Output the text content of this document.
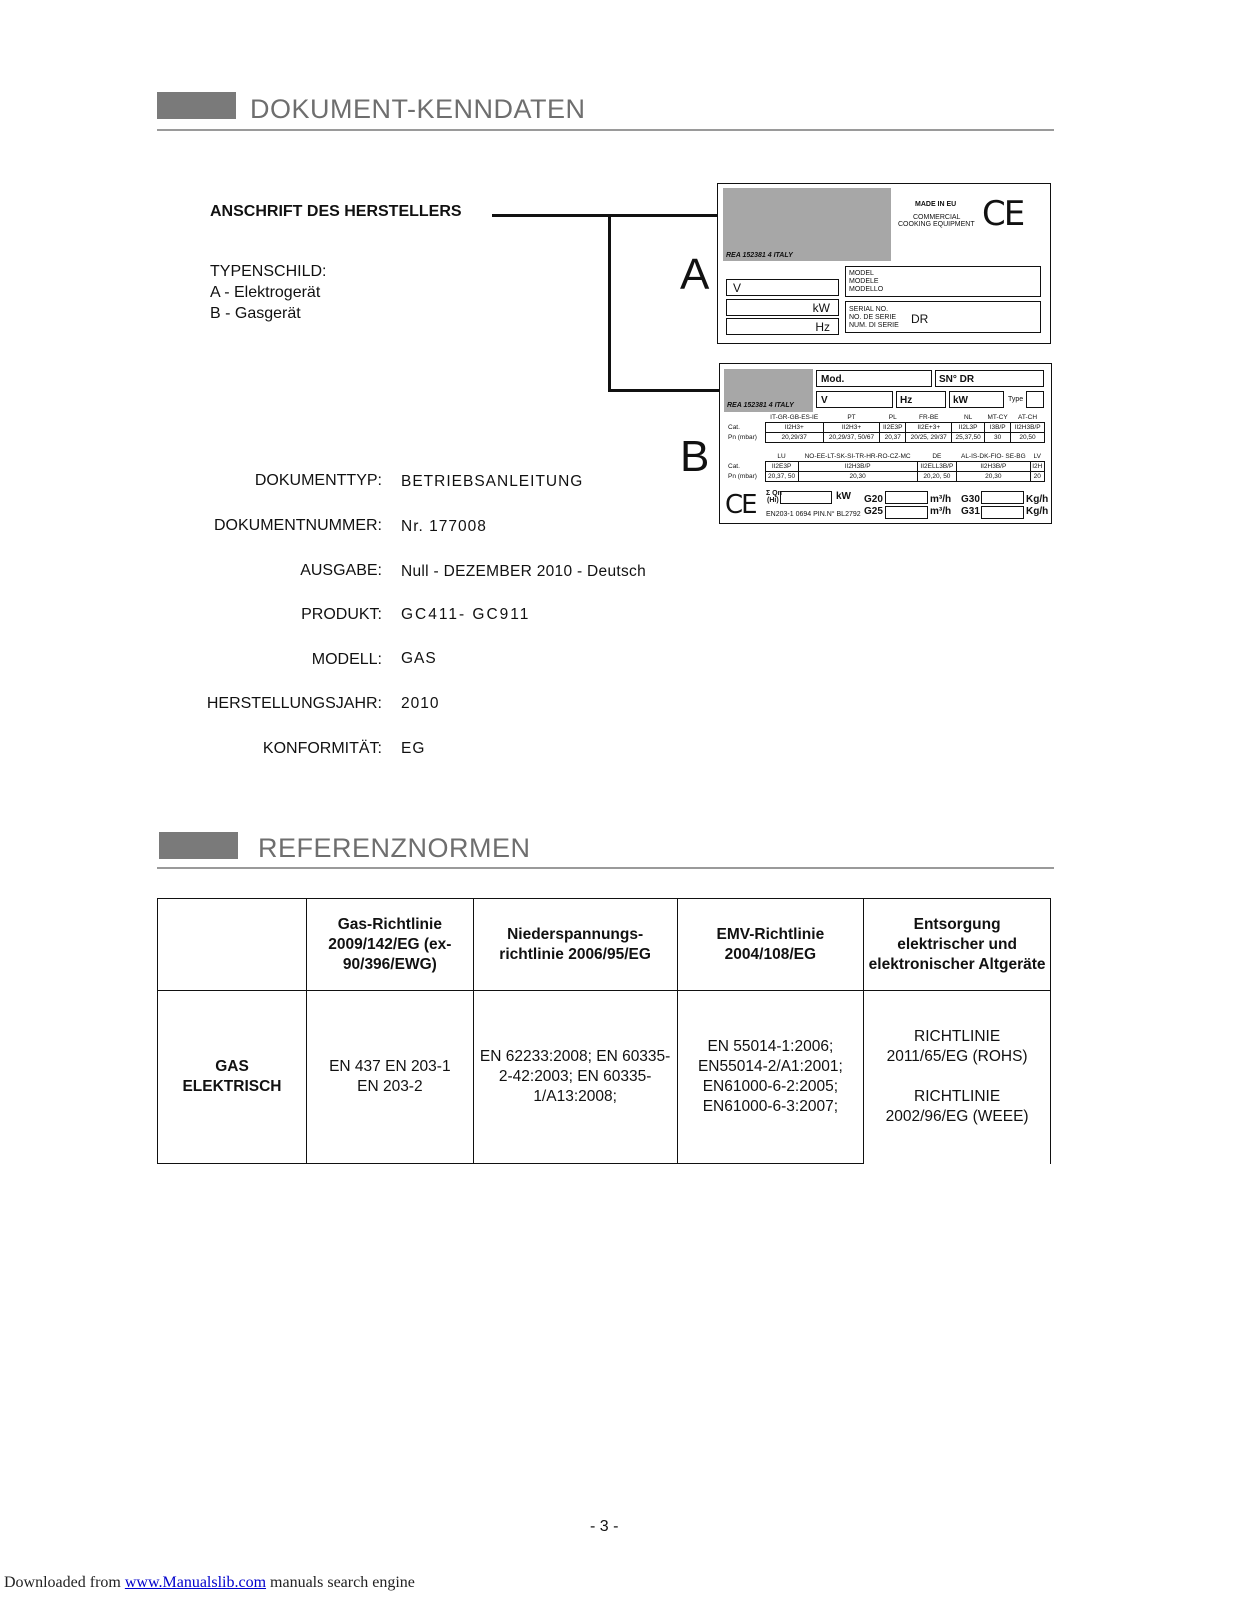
DOKUMENT-KENNDATEN
ANSCHRIFT DES HERSTELLERS
TYPENSCHILD:
A - Elektrogerät
B - Gasgerät
A
MADE IN EU
COMMERCIAL
COOKING EQUIPMENT CE
REA 152381 4 ITALY
V
kW
Hz
MODEL
MODELE
MODELLO
SERIAL NO.
NO. DE SERIE
NUM. DI SERIE DR
B
REA 152381 4 ITALY
Mod.	SN° DR
V	Hz	kW	Type
	IT-GR-GB-ES-IE	PT	PL	FR-BE	NL	MT-CY	AT-CH
Cat.	II2H3+	II2H3+	II2E3P	II2E+3+	II2L3P	I3B/P	II2H3B/P
Pn (mbar)	20,29/37	20,29/37, 50/67	20,37	20/25, 29/37	25,37,50	30	20,50
	LU	NO-EE-LT-SK-SI-TR-HR-RO-CZ-MC	DE	AL-IS-DK-FIO- SE-BG	LV
Cat.	II2E3P	II2H3B/P	II2ELL3B/P	II2H3B/P	I2H
Pn (mbar)	20,37, 50	20,30	20,20, 50	20,30	20
CE Σ Qn
(Hi)	kW G20
G25
m³/h
m³/h
G30
G31
Kg/h
Kg/h
EN203-1 0694 PIN.N° BL2792
DOKUMENTTYP: BETRIEBSANLEITUNG
DOKUMENTNUMMER: Nr. 177008
AUSGABE: Null - DEZEMBER 2010 - Deutsch
PRODUKT: GC411- GC911
MODELL: GAS
HERSTELLUNGSJAHR: 2010
KONFORMITÄT: EG
REFERENZNORMEN
	Gas-Richtlinie 2009/142/EG (ex-90/396/EWG)	Niederspannungs-richtlinie 2006/95/EG	EMV-Richtlinie 2004/108/EG	Entsorgung elektrischer und elektronischer Altgeräte
GAS ELEKTRISCH	EN 437 EN 203-1 EN 203-2	EN 62233:2008; EN 60335-2-42:2003; EN 60335-1/A13:2008;	EN 55014-1:2006; EN55014-2/A1:2001; EN61000-6-2:2005; EN61000-6-3:2007;	RICHTLINIE 2011/65/EG (ROHS)
RICHTLINIE 2002/96/EG (WEEE)
- 3 -
Downloaded from www.Manualslib.com manuals search engine
